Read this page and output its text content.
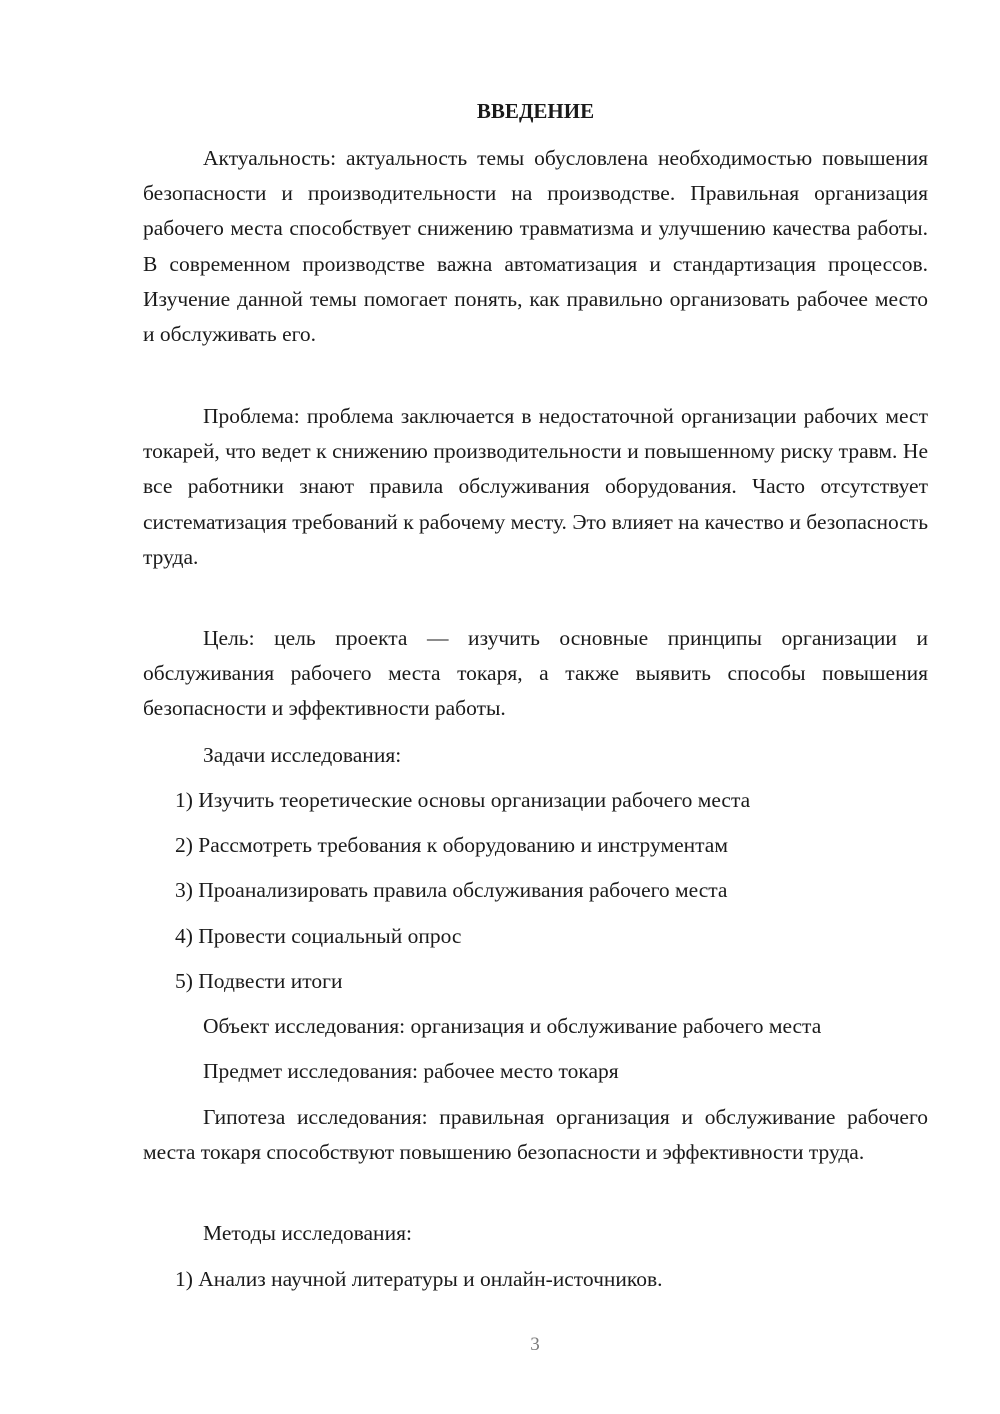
ВВЕДЕНИЕ

Актуальность: актуальность темы обусловлена необходимостью повышения безопасности и производительности на производстве. Правильная организация рабочего места способствует снижению травматизма и улучшению качества работы. В современном производстве важна автоматизация и стандартизация процессов. Изучение данной темы помогает понять, как правильно организовать рабочее место и обслуживать его.

Проблема: проблема заключается в недостаточной организации рабочих мест токарей, что ведет к снижению производительности и повышенному риску травм. Не все работники знают правила обслуживания оборудования. Часто отсутствует систематизация требований к рабочему месту. Это влияет на качество и безопасность труда.

Цель: цель проекта — изучить основные принципы организации и обслуживания рабочего места токаря, а также выявить способы повышения безопасности и эффективности работы.

Задачи исследования:

1) Изучить теоретические основы организации рабочего места

2) Рассмотреть требования к оборудованию и инструментам

3) Проанализировать правила обслуживания рабочего места

4) Провести социальный опрос

5) Подвести итоги

Объект исследования: организация и обслуживание рабочего места

Предмет исследования: рабочее место токаря

Гипотеза исследования: правильная организация и обслуживание рабочего места токаря способствуют повышению безопасности и эффективности труда.

Методы исследования:

1) Анализ научной литературы и онлайн-источников.

3
